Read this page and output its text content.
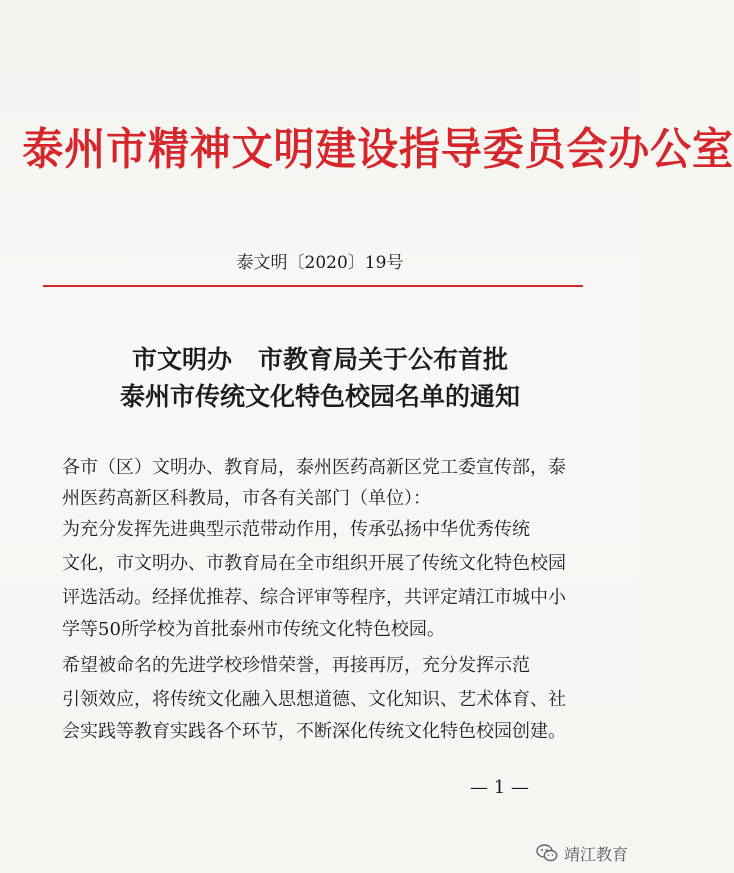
泰州市精神文明建设指导委员会办公室
泰文明〔2020〕19号
市文明办   市教育局关于公布首批
泰州市传统文化特色校园名单的通知
各市（区）文明办、教育局，泰州医药高新区党工委宣传部，泰
州医药高新区科教局，市各有关部门（单位）：
为充分发挥先进典型示范带动作用，传承弘扬中华优秀传统
文化，市文明办、市教育局在全市组织开展了传统文化特色校园
评选活动。经择优推荐、综合评审等程序，共评定靖江市城中小
学等50所学校为首批泰州市传统文化特色校园。
希望被命名的先进学校珍惜荣誉，再接再厉，充分发挥示范
引领效应，将传统文化融入思想道德、文化知识、艺术体育、社
会实践等教育实践各个环节，不断深化传统文化特色校园创建。
— 1 —
靖江教育
